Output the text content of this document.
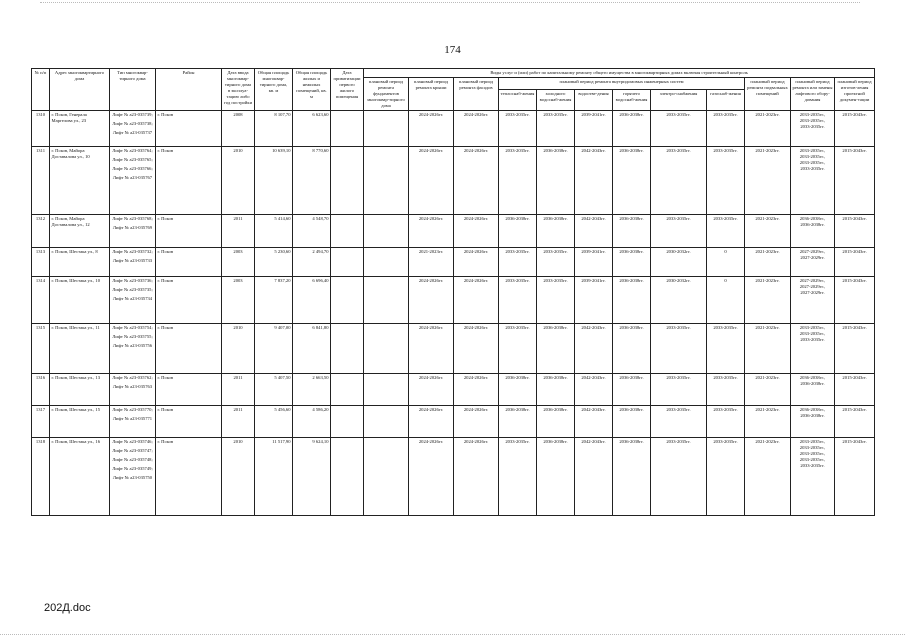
174
№ п/п	Адрес многоквартирного дома	Тип многоквар-тирного дома	Район	Дата ввода многоквар-тирного дома в эксплуа-тацию либо год постройки	Общая площадь многоквар-тирного дома, кв. м	Общая площадь жилых и нежилых помещений, кв. м	Дата приватизации первого жилого помещения	Виды услуг и (или) работ по капитальному ремонту общего имущества в многоквартирных домах включая строительный контроль											
								плановый период ремонта фундаментов многоквар-тирного дома	плановый период ремонта крыши	плановый период ремонта фасадов	плановый период ремонта внутридомовых инженерных систем						плановый период ремонта подвальных помещений	плановый период ремонта или замены лифтового обору-дования	плановый период изготов-ления проектной докумен-тации
											теплоснаб-жения	холодного водоснаб-жения	водоотве-дения	горячего водоснаб-жения	электро-снабжения	газоснаб-жения			
1310	г. Псков, Генерала Маргелова ул., 23	Лифт № а23-035739;
Лифт № а23-035738;
Лифт № а23-035737	г. Псков	2008	8 107,70	6 623,60			2024-2026гг.	2024-2026гг.	2033-2035гг.	2033-2035гг.	2039-2041гг.	2036-2038гг.	2033-2035гг.	2033-2035гг.	2021-2023гг.	2033-2035гг.,
2033-2035гг.,
2033-2035гг.	2015-2043гг.
1311	г. Псков, Майора Доставалова ул., 10	Лифт № а23-035764;
Лифт № а23-035765;
Лифт № а23-035766;
Лифт № а23-035767	г. Псков	2010	10 639,10	8 770,60			2024-2026гг.	2024-2026гг.	2033-2035гг.	2036-2038гг.	2042-2043гг.	2036-2038гг.	2033-2035гг.	2033-2035гг.	2021-2023гг.	2033-2035гг.,
2033-2035гг.,
2033-2035гг.,
2033-2035гг.	2015-2043гг.
1312	г. Псков, Майора Доставалова ул., 12	Лифт № а23-035768;
Лифт № а23-035769	г. Псков	2011	5 414,60	4 548,70			2024-2026гг.	2024-2026гг.	2036-2038гг.	2036-2038гг.	2042-2043гг.	2036-2038гг.	2033-2035гг.	2033-2035гг.	2021-2023гг.	2036-2038гг.,
2036-2038гг.	2015-2043гг.
1313	г. Псков, Шестака ул., 8	Лифт № а23-035732;
Лифт № а23-035733	г. Псков	2003	5 230,60	2 494,70			2021-2023гг.	2024-2026гг.	2033-2035гг.	2033-2035гг.	2039-2041гг.	2036-2038гг.	2030-2032гг.	0	2021-2023гг.	2027-2029гг.,
2027-2029гг.	2015-2043гг.
1314	г. Псков, Шестака ул., 10	Лифт № а23-035736;
Лифт № а23-035735;
Лифт № а23-035734	г. Псков	2003	7 837,20	6 696,40			2024-2026гг.	2024-2026гг.	2033-2035гг.	2033-2035гг.	2039-2041гг.	2036-2038гг.	2030-2032гг.	0	2021-2023гг.	2027-2029гг.,
2027-2029гг.,
2027-2029гг.	2015-2043гг.
1315	г. Псков, Шестака ул., 11	Лифт № а23-035754;
Лифт № а23-035755;
Лифт № а23-035756	г. Псков	2010	9 407,00	6 841,80			2024-2026гг.	2024-2026гг.	2033-2035гг.	2036-2038гг.	2042-2043гг.	2036-2038гг.	2033-2035гг.	2033-2035гг.	2021-2023гг.	2033-2035гг.,
2033-2035гг.,
2033-2035гг.	2015-2043гг.
1316	г. Псков, Шестака ул., 13	Лифт № а23-035762;
Лифт № а23-035763	г. Псков	2011	5 407,50	2 663,50			2024-2026гг.	2024-2026гг.	2036-2038гг.	2036-2038гг.	2042-2043гг.	2036-2038гг.	2033-2035гг.	2033-2035гг.	2021-2023гг.	2036-2038гг.,
2036-2038гг.	2015-2043гг.
1317	г. Псков, Шестака ул., 15	Лифт № а23-035770;
Лифт № а23-035771	г. Псков	2011	5 456,60	4 586,20			2024-2026гг.	2024-2026гг.	2036-2038гг.	2036-2038гг.	2042-2043гг.	2036-2038гг.	2033-2035гг.	2033-2035гг.	2021-2023гг.	2036-2038гг.,
2036-2038гг.	2015-2043гг.
1318	г. Псков, Шестака ул., 16	Лифт № а23-035746;
Лифт № а23-035747;
Лифт № а23-035748;
Лифт № а23-035749;
Лифт № а23-035750	г. Псков	2010	11 517,90	9 624,10			2024-2026гг.	2024-2026гг.	2033-2035гг.	2036-2038гг.	2042-2043гг.	2036-2038гг.	2033-2035гг.	2033-2035гг.	2021-2023гг.	2033-2035гг.,
2033-2035гг.,
2033-2035гг.,
2033-2035гг.,
2033-2035гг.	2015-2043гг.
202Д.doc
